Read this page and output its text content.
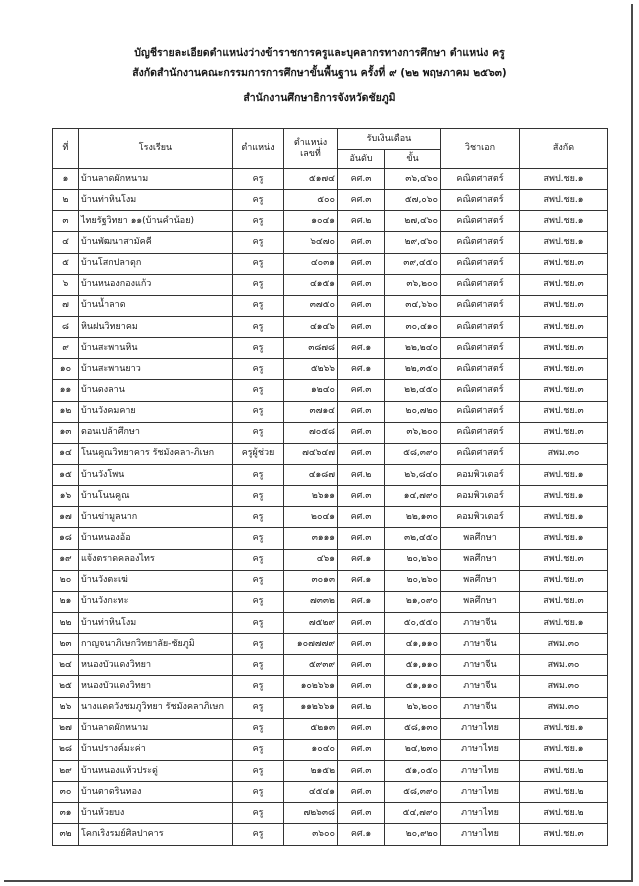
บัญชีรายละเอียดตำแหน่งว่างข้าราชการครูและบุคลากรทางการศึกษา ตำแหน่ง ครู
สังกัดสำนักงานคณะกรรมการการศึกษาขั้นพื้นฐาน ครั้งที่ ๙ (๒๒ พฤษภาคม ๒๕๖๓)
สำนักงานศึกษาธิการจังหวัดชัยภูมิ
ที่	โรงเรียน	ตำแหน่ง	ตำแหน่ง เลขที่	รับเงินเดือน		วิชาเอก	สังกัด
				อันดับ	ขั้น		
๑	บ้านลาดผักหนาม	ครู	๕๑๗๔	คศ.๓	๓๖,๔๖๐	คณิตศาสตร์	สพป.ชย.๑
๒	บ้านท่าหินโงม	ครู	๕๐๐	คศ.๓	๕๗,๐๖๐	คณิตศาสตร์	สพป.ชย.๑
๓	ไทยรัฐวิทยา ๑๑(บ้านคำน้อย)	ครู	๑๐๔๑	คศ.๒	๒๗,๔๖๐	คณิตศาสตร์	สพป.ชย.๑
๔	บ้านพัฒนาสามัคคี	ครู	๖๔๗๐	คศ.๓	๒๙,๔๖๐	คณิตศาสตร์	สพป.ชย.๑
๕	บ้านโสกปลาดุก	ครู	๔๐๓๑	คศ.๓	๓๙,๔๕๐	คณิตศาสตร์	สพป.ชย.๓
๖	บ้านหนองกองแก้ว	ครู	๔๑๕๑	คศ.๓	๓๖,๒๐๐	คณิตศาสตร์	สพป.ชย.๓
๗	บ้านน้ำลาด	ครู	๓๗๕๐	คศ.๓	๓๔,๖๖๐	คณิตศาสตร์	สพป.ชย.๓
๘	หินฝนวิทยาคม	ครู	๔๑๔๖	คศ.๓	๓๐,๔๑๐	คณิตศาสตร์	สพป.ชย.๓
๙	บ้านสะพานหิน	ครู	๓๘๗๘	คศ.๑	๒๒,๒๔๐	คณิตศาสตร์	สพป.ชย.๓
๑๐	บ้านสะพานยาว	ครู	๕๒๖๖	คศ.๑	๒๒,๓๕๐	คณิตศาสตร์	สพป.ชย.๓
๑๑	บ้านดงลาน	ครู	๑๒๔๐	คศ.๓	๒๒,๔๕๐	คณิตศาสตร์	สพป.ชย.๓
๑๒	บ้านวังคมคาย	ครู	๓๗๑๔	คศ.๓	๒๐,๗๒๐	คณิตศาสตร์	สพป.ชย.๓
๑๓	ดอนเปล้าศึกษา	ครู	๗๐๕๘	คศ.๓	๓๖,๒๐๐	คณิตศาสตร์	สพป.ชย.๓
๑๔	โนนคูณวิทยาคาร รัชมังคลา-ภิเษก	ครูผู้ช่วย	๗๔๖๔๗	คศ.๓	๕๘,๓๙๐	คณิตศาสตร์	สพม.๓๐
๑๕	บ้านวังโพน	ครู	๔๑๘๗	คศ.๒	๒๖,๘๔๐	คอมพิวเตอร์	สพป.ชย.๑
๑๖	บ้านโนนคูณ	ครู	๒๖๑๑	คศ.๓	๑๔,๗๙๐	คอมพิวเตอร์	สพป.ชย.๑
๑๗	บ้านข่ามูลนาก	ครู	๒๐๔๑	คศ.๓	๒๒,๑๓๐	คอมพิวเตอร์	สพป.ชย.๑
๑๘	บ้านหนองอ้อ	ครู	๓๑๑๑	คศ.๓	๓๒,๔๕๐	พลศึกษา	สพป.ชย.๑
๑๙	แจ้งตราดคลองไทร	ครู	๔๖๑	คศ.๑	๒๐,๒๖๐	พลศึกษา	สพป.ชย.๓
๒๐	บ้านวังตะเฆ่	ครู	๓๐๑๓	คศ.๑	๒๐,๒๖๐	พลศึกษา	สพป.ชย.๓
๒๑	บ้านวังกะทะ	ครู	๗๓๓๒	คศ.๑	๒๑,๐๙๐	พลศึกษา	สพป.ชย.๓
๒๒	บ้านท่าหินโงม	ครู	๗๕๒๙	คศ.๓	๕๐,๕๕๐	ภาษาจีน	สพป.ชย.๑
๒๓	กาญจนาภิเษกวิทยาลัย-ชัยภูมิ	ครู	๑๐๗๗๗๙	คศ.๓	๔๑,๑๑๐	ภาษาจีน	สพม.๓๐
๒๔	หนองบัวแดงวิทยา	ครู	๕๙๓๙	คศ.๓	๕๑,๑๑๐	ภาษาจีน	สพม.๓๐
๒๕	หนองบัวแดงวิทยา	ครู	๑๐๒๖๖๑	คศ.๓	๕๑,๑๑๐	ภาษาจีน	สพม.๓๐
๒๖	นางแดดวังชมภูวิทยา รัชมังคลาภิเษก	ครู	๑๑๒๖๖๑	คศ.๒	๒๖,๒๐๐	ภาษาจีน	สพม.๓๐
๒๗	บ้านลาดผักหนาม	ครู	๕๒๑๓	คศ.๓	๕๘,๑๓๐	ภาษาไทย	สพป.ชย.๑
๒๘	บ้านปรางค์มะค่า	ครู	๑๐๔๐	คศ.๓	๒๔,๒๓๐	ภาษาไทย	สพป.ชย.๑
๒๙	บ้านหนองแห้วประดู่	ครู	๒๑๕๒	คศ.๓	๕๑,๐๕๐	ภาษาไทย	สพป.ชย.๒
๓๐	บ้านตาดรินทอง	ครู	๔๕๔๑	คศ.๓	๕๘,๓๙๐	ภาษาไทย	สพป.ชย.๒
๓๑	บ้านห้วยบง	ครู	๗๒๖๓๘	คศ.๓	๕๔,๗๙๐	ภาษาไทย	สพป.ชย.๒
๓๒	โคกเริงรมย์ศิลปาคาร	ครู	๓๖๐๐	คศ.๑	๒๐,๙๒๐	ภาษาไทย	สพป.ชย.๓
